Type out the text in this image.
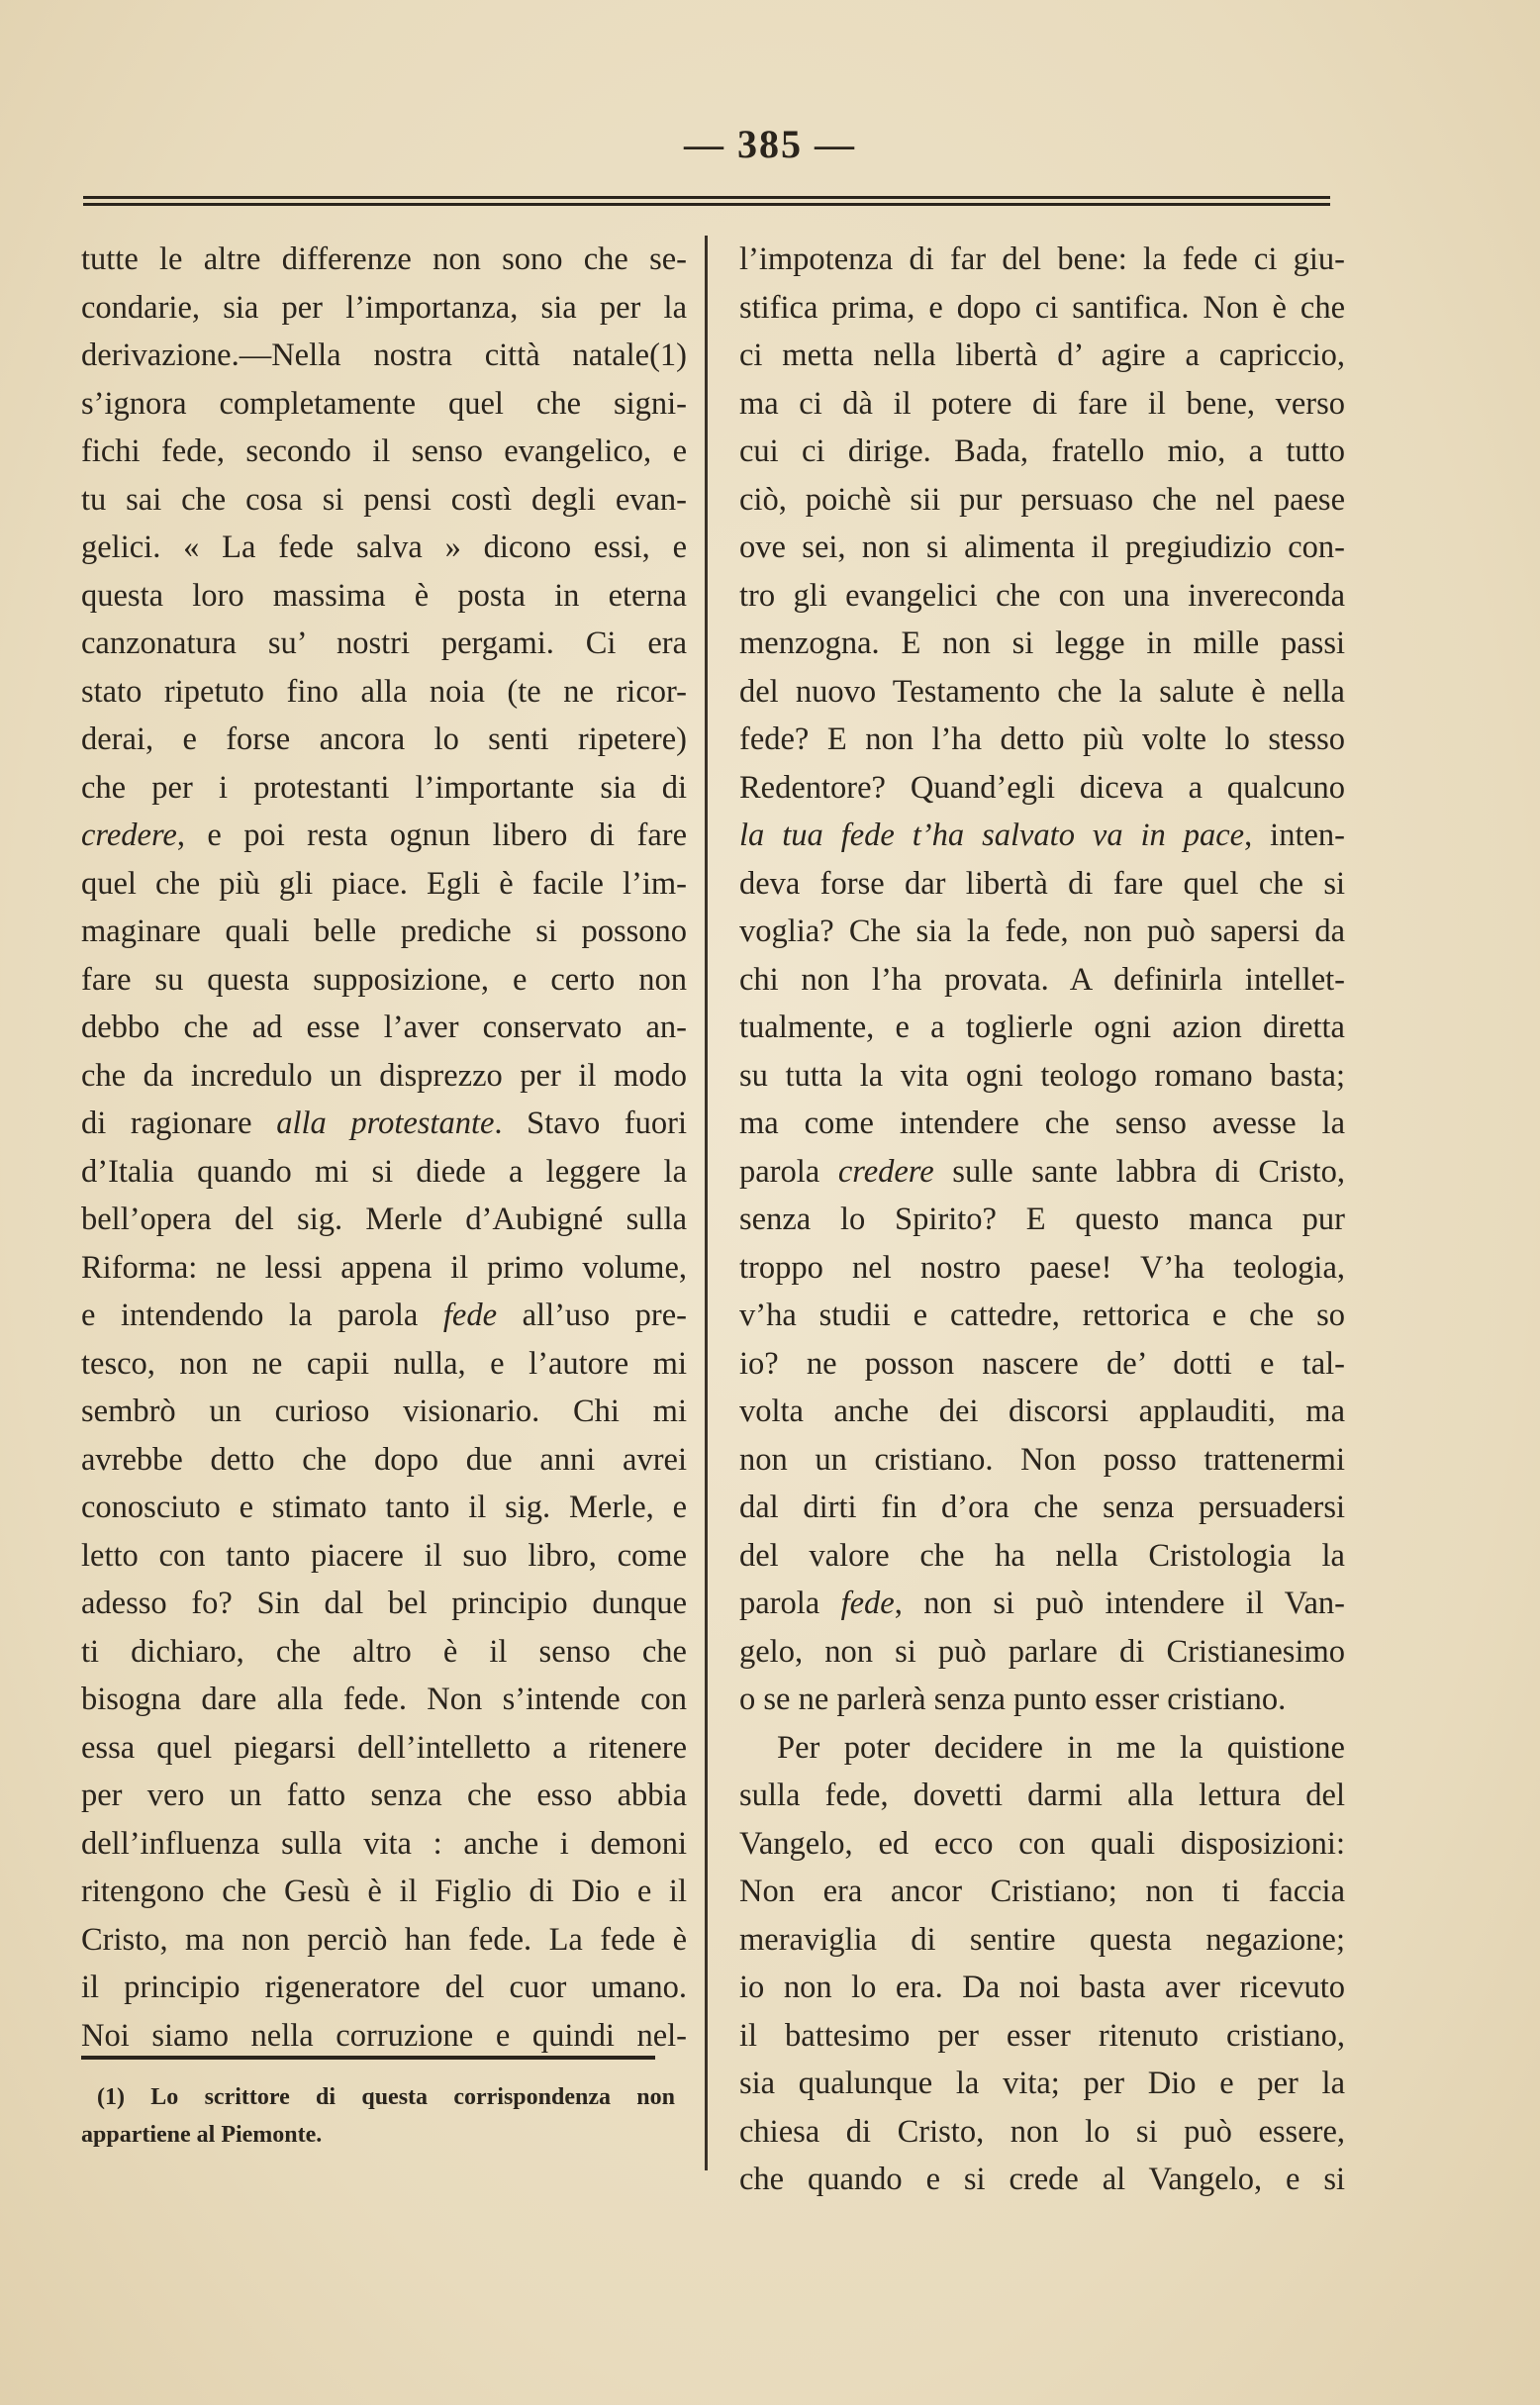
— 385 —
tutte le altre differenze non sono che se-
condarie, sia per l’importanza, sia per la
derivazione.—Nella nostra città natale(1)
s’ignora completamente quel che signi-
fichi fede, secondo il senso evangelico, e
tu sai che cosa si pensi costì degli evan-
gelici. « La fede salva » dicono essi, e
questa loro massima è posta in eterna
canzonatura su’ nostri pergami. Ci era
stato ripetuto fino alla noia (te ne ricor-
derai, e forse ancora lo senti ripetere)
che per i protestanti l’importante sia di
credere, e poi resta ognun libero di fare
quel che più gli piace. Egli è facile l’im-
maginare quali belle prediche si possono
fare su questa supposizione, e certo non
debbo che ad esse l’aver conservato an-
che da incredulo un disprezzo per il modo
di ragionare alla protestante. Stavo fuori
d’Italia quando mi si diede a leggere la
bell’opera del sig. Merle d’Aubigné sulla
Riforma: ne lessi appena il primo volume,
e intendendo la parola fede all’uso pre-
tesco, non ne capii nulla, e l’autore mi
sembrò un curioso visionario. Chi mi
avrebbe detto che dopo due anni avrei
conosciuto e stimato tanto il sig. Merle, e
letto con tanto piacere il suo libro, come
adesso fo? Sin dal bel principio dunque
ti dichiaro, che altro è il senso che
bisogna dare alla fede. Non s’intende con
essa quel piegarsi dell’intelletto a ritenere
per vero un fatto senza che esso abbia
dell’influenza sulla vita : anche i demoni
ritengono che Gesù è il Figlio di Dio e il
Cristo, ma non perciò han fede. La fede è
il principio rigeneratore del cuor umano.
Noi siamo nella corruzione e quindi nel-
l’impotenza di far del bene: la fede ci giu-
stifica prima, e dopo ci santifica. Non è che
ci metta nella libertà d’ agire a capriccio,
ma ci dà il potere di fare il bene, verso
cui ci dirige. Bada, fratello mio, a tutto
ciò, poichè sii pur persuaso che nel paese
ove sei, non si alimenta il pregiudizio con-
tro gli evangelici che con una invereconda
menzogna. E non si legge in mille passi
del nuovo Testamento che la salute è nella
fede? E non l’ha detto più volte lo stesso
Redentore? Quand’egli diceva a qualcuno
la tua fede t’ha salvato va in pace, inten-
deva forse dar libertà di fare quel che si
voglia? Che sia la fede, non può sapersi da
chi non l’ha provata. A definirla intellet-
tualmente, e a toglierle ogni azion diretta
su tutta la vita ogni teologo romano basta;
ma come intendere che senso avesse la
parola credere sulle sante labbra di Cristo,
senza lo Spirito? E questo manca pur
troppo nel nostro paese! V’ha teologia,
v’ha studii e cattedre, rettorica e che so
io? ne posson nascere de’ dotti e tal-
volta anche dei discorsi applauditi, ma
non un cristiano. Non posso trattenermi
dal dirti fin d’ora che senza persuadersi
del valore che ha nella Cristologia la
parola fede, non si può intendere il Van-
gelo, non si può parlare di Cristianesimo
o se ne parlerà senza punto esser cristiano.
Per poter decidere in me la quistione
sulla fede, dovetti darmi alla lettura del
Vangelo, ed ecco con quali disposizioni:
Non era ancor Cristiano; non ti faccia
meraviglia di sentire questa negazione;
io non lo era. Da noi basta aver ricevuto
il battesimo per esser ritenuto cristiano,
sia qualunque la vita; per Dio e per la
chiesa di Cristo, non lo si può essere,
che quando e si crede al Vangelo, e si
(1) Lo scrittore di questa corrispondenza non
appartiene al Piemonte.
